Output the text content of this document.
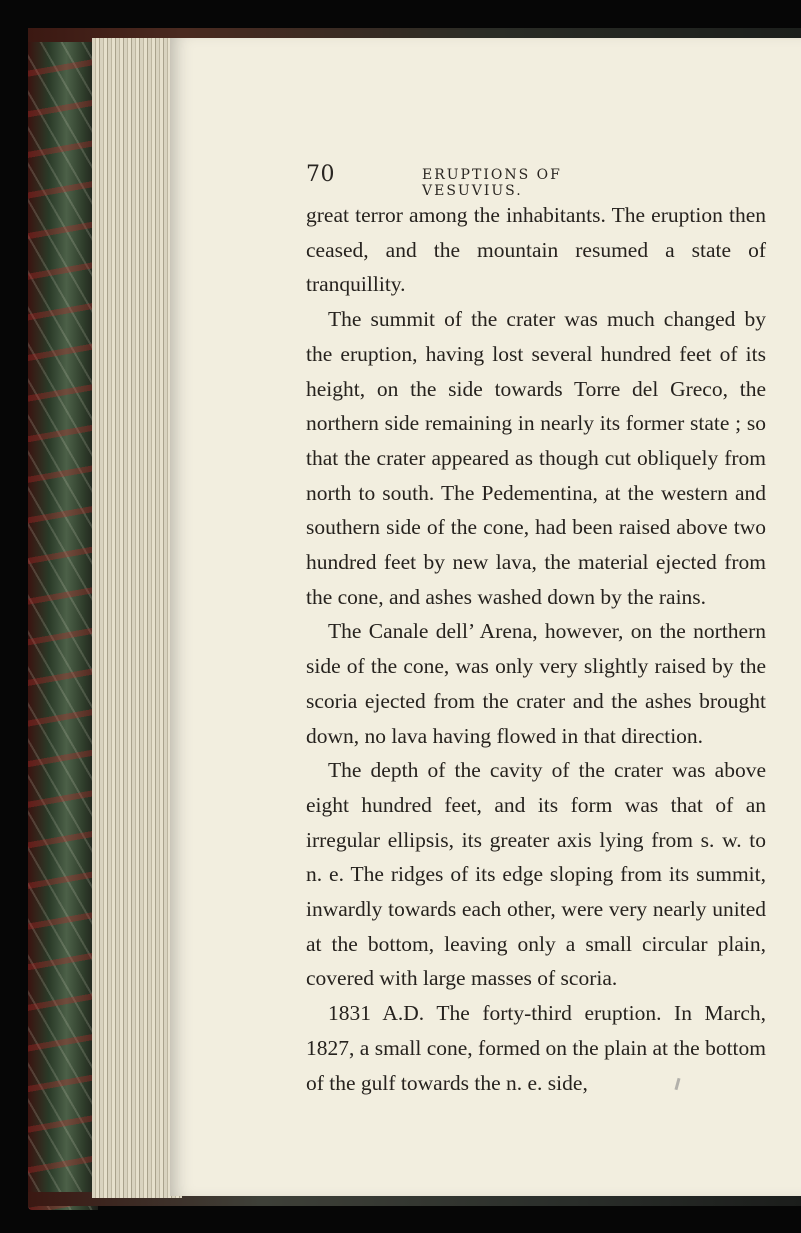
70	ERUPTIONS OF VESUVIUS.

great terror among the inhabitants. The eruption then ceased, and the mountain resumed a state of tranquillity.

The summit of the crater was much changed by the eruption, having lost several hundred feet of its height, on the side towards Torre del Greco, the northern side remaining in nearly its former state ; so that the crater appeared as though cut obliquely from north to south. The Pedementina, at the western and southern side of the cone, had been raised above two hundred feet by new lava, the material ejected from the cone, and ashes washed down by the rains.

The Canale dell’ Arena, however, on the northern side of the cone, was only very slightly raised by the scoria ejected from the crater and the ashes brought down, no lava having flowed in that direction.

The depth of the cavity of the crater was above eight hundred feet, and its form was that of an irregular ellipsis, its greater axis lying from s. w. to n. e. The ridges of its edge sloping from its summit, inwardly towards each other, were very nearly united at the bottom, leaving only a small circular plain, covered with large masses of scoria.

1831 A.D. The forty-third eruption. In March, 1827, a small cone, formed on the plain at the bottom of the gulf towards the n. e. side,
